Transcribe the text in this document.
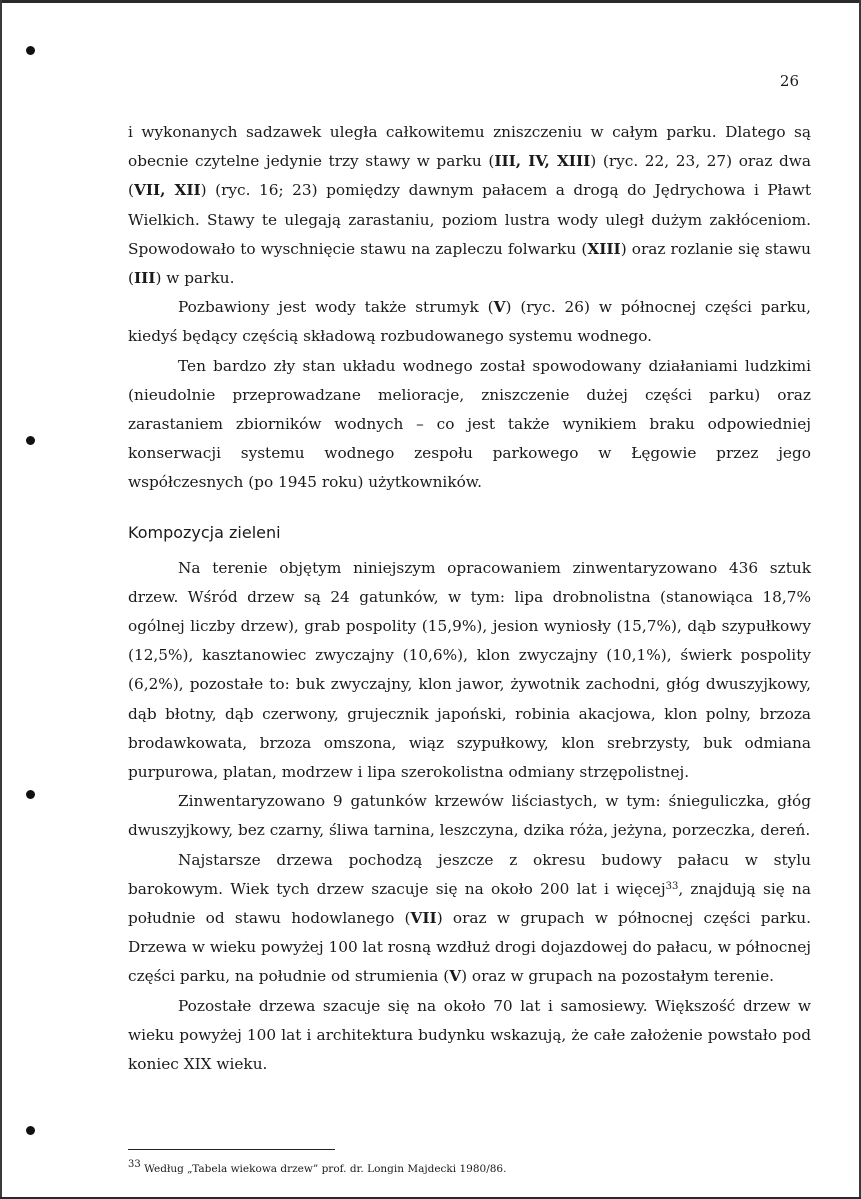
26

i wykonanych sadzawek uległa całkowitemu zniszczeniu w całym parku. Dlatego są obecnie czytelne jedynie trzy stawy w parku (III, IV, XIII) (ryc. 22, 23, 27) oraz dwa (VII, XII) (ryc. 16; 23) pomiędzy dawnym pałacem a drogą do Jędrychowa i Pławt Wielkich. Stawy te ulegają zarastaniu, poziom lustra wody uległ dużym zakłóceniom. Spowodowało to wyschnięcie stawu na zapleczu folwarku (XIII) oraz rozlanie się stawu (III) w parku.

Pozbawiony jest wody także strumyk (V) (ryc. 26) w północnej części parku, kiedyś będący częścią składową rozbudowanego systemu wodnego.

Ten bardzo zły stan układu wodnego został spowodowany działaniami ludzkimi (nieudolnie przeprowadzane melioracje, zniszczenie dużej części parku) oraz zarastaniem zbiorników wodnych – co jest także wynikiem braku odpowiedniej konserwacji systemu wodnego zespołu parkowego w Łęgowie przez jego współczesnych (po 1945 roku) użytkowników.

Kompozycja zieleni

Na terenie objętym niniejszym opracowaniem zinwentaryzowano 436 sztuk drzew. Wśród drzew są 24 gatunków, w tym: lipa drobnolistna (stanowiąca 18,7% ogólnej liczby drzew), grab pospolity (15,9%), jesion wyniosły (15,7%), dąb szypułkowy (12,5%), kasztanowiec zwyczajny (10,6%), klon zwyczajny (10,1%), świerk pospolity (6,2%), pozostałe to: buk zwyczajny, klon jawor, żywotnik zachodni, głóg dwuszyjkowy, dąb błotny, dąb czerwony, grujecznik japoński, robinia akacjowa, klon polny, brzoza brodawkowata, brzoza omszona, wiąz szypułkowy, klon srebrzysty, buk odmiana purpurowa, platan, modrzew i lipa szerokolistna odmiany strzępolistnej.

Zinwentaryzowano 9 gatunków krzewów liściastych, w tym: śnieguliczka, głóg dwuszyjkowy, bez czarny, śliwa tarnina, leszczyna, dzika róża, jeżyna, porzeczka, dereń.

Najstarsze drzewa pochodzą jeszcze z okresu budowy pałacu w stylu barokowym. Wiek tych drzew szacuje się na około 200 lat i więcej$^{33}$, znajdują się na południe od stawu hodowlanego (VII) oraz w grupach w północnej części parku. Drzewa w wieku powyżej 100 lat rosną wzdłuż drogi dojazdowej do pałacu, w północnej części parku, na południe od strumienia (V) oraz w grupach na pozostałym terenie.

Pozostałe drzewa szacuje się na około 70 lat i samosiewy. Większość drzew w wieku powyżej 100 lat i architektura budynku wskazują, że całe założenie powstało pod koniec XIX wieku.

$^{33}$ Według „Tabela wiekowa drzew” prof. dr. Longin Majdecki 1980/86.
